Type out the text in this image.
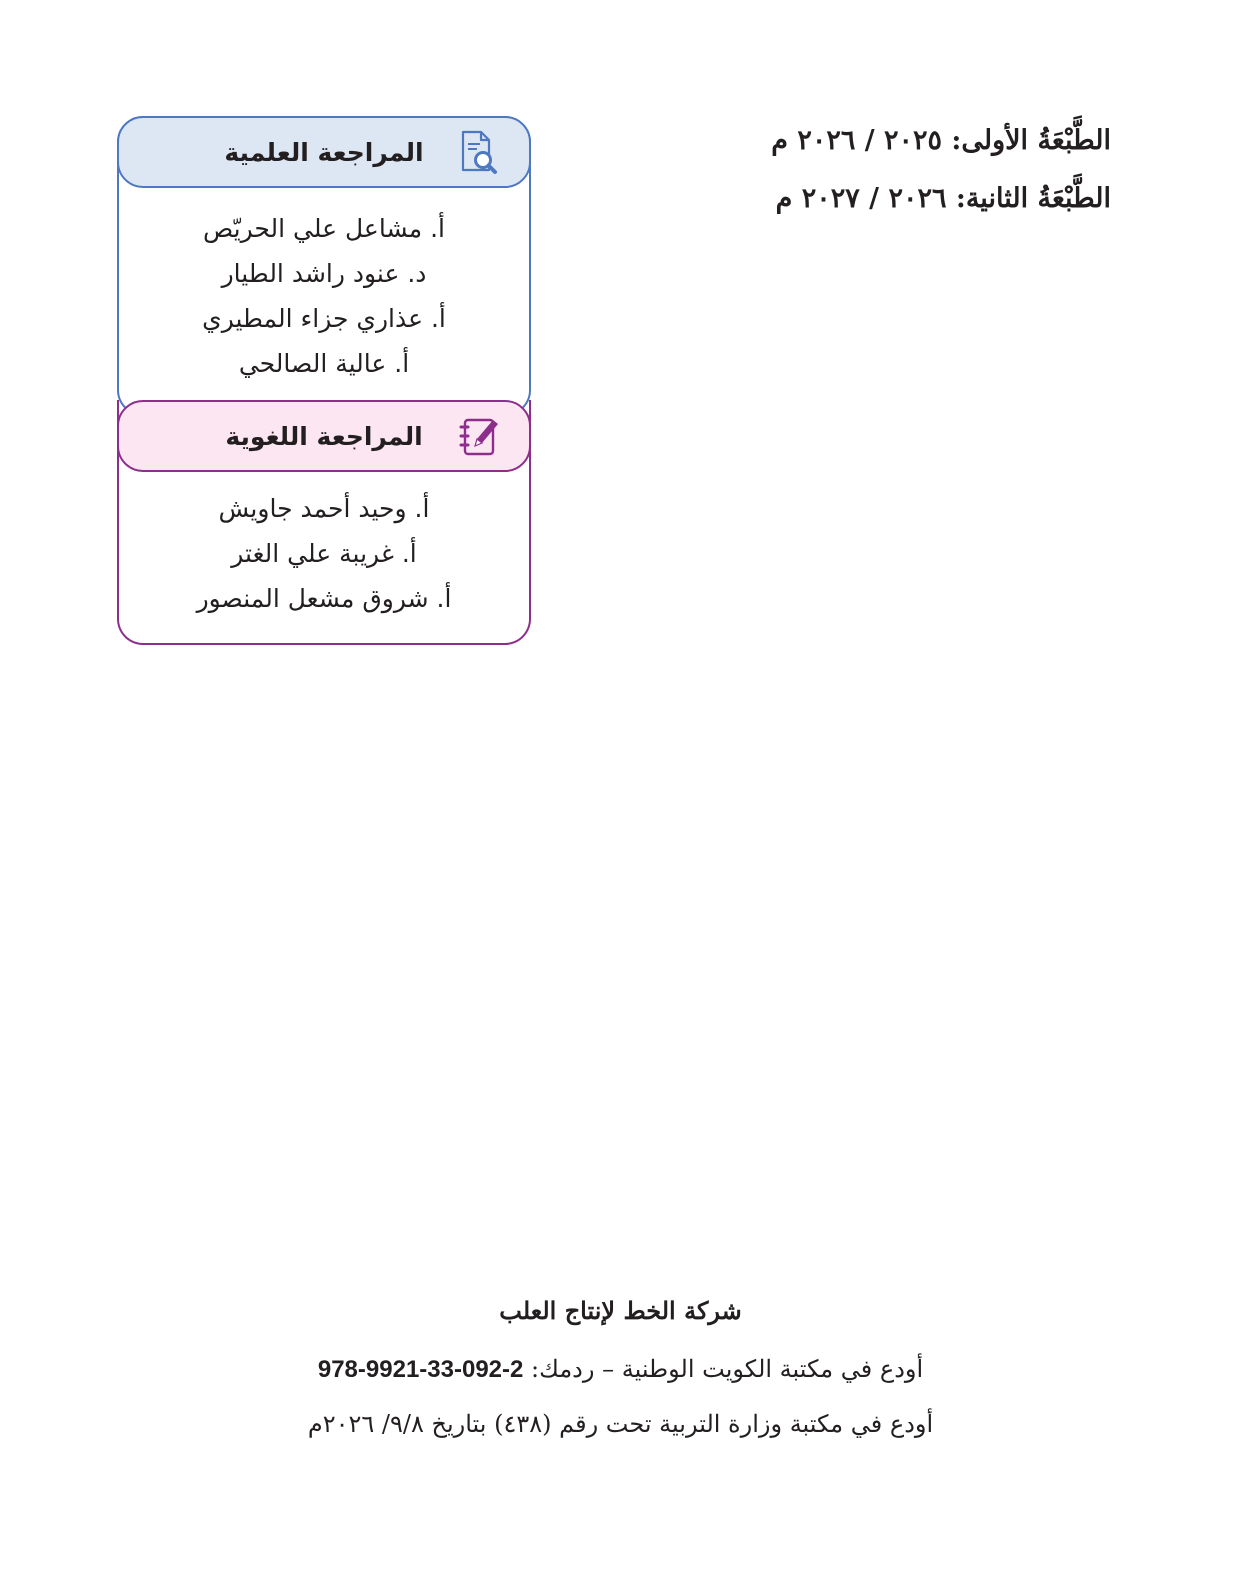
الطَّبْعَةُ الأولى: ٢٠٢٥ / ٢٠٢٦ م
الطَّبْعَةُ الثانية: ٢٠٢٦ / ٢٠٢٧ م
المراجعة العلمية
أ. مشاعل علي الحريّص
د. عنود راشد الطيار
أ. عذاري جزاء المطيري
أ. عالية الصالحي
المراجعة اللغوية
أ. وحيد أحمد جاويش
أ. غريبة علي الغتر
أ. شروق مشعل المنصور
شركة الخط لإنتاج العلب
أودع في مكتبة الكويت الوطنية – ردمك: 978-9921-33-092-2
أودع في مكتبة وزارة التربية تحت رقم (٤٣٨) بتاريخ ٩/٨/ ٢٠٢٦م
